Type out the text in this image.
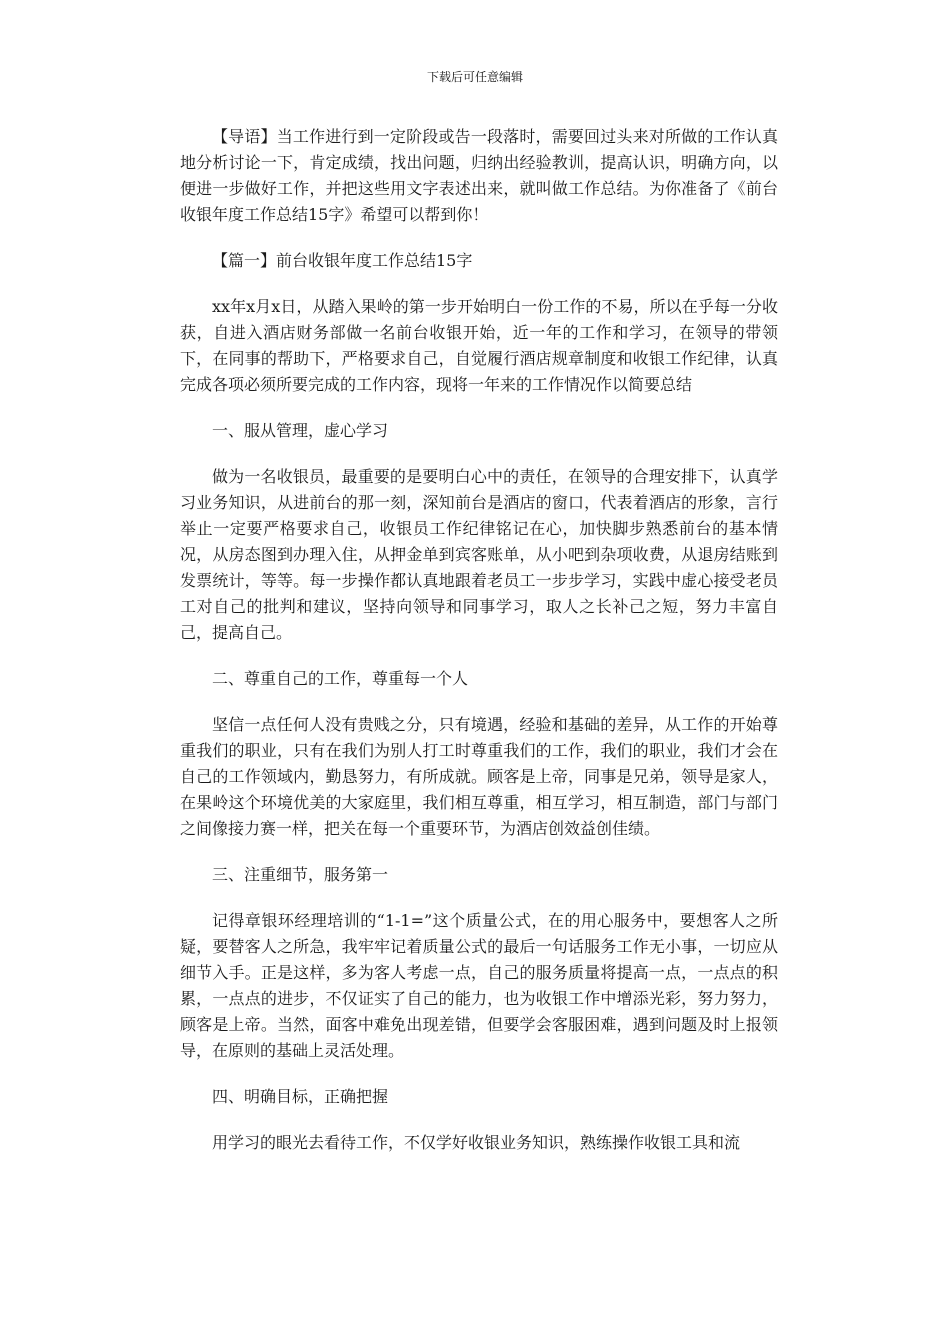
下载后可任意编辑

【导语】当工作进行到一定阶段或告一段落时，需要回过头来对所做的工作认真地分析讨论一下，肯定成绩，找出问题，归纳出经验教训，提高认识，明确方向，以便进一步做好工作，并把这些用文字表述出来，就叫做工作总结。为你准备了《前台收银年度工作总结15字》希望可以帮到你！

【篇一】前台收银年度工作总结15字

xx年x月x日，从踏入果岭的第一步开始明白一份工作的不易，所以在乎每一分收获，自进入酒店财务部做一名前台收银开始，近一年的工作和学习，在领导的带领下，在同事的帮助下，严格要求自己，自觉履行酒店规章制度和收银工作纪律，认真完成各项必须所要完成的工作内容，现将一年来的工作情况作以简要总结

一、服从管理，虚心学习

做为一名收银员，最重要的是要明白心中的责任，在领导的合理安排下，认真学习业务知识，从进前台的那一刻，深知前台是酒店的窗口，代表着酒店的形象，言行举止一定要严格要求自己，收银员工作纪律铭记在心，加快脚步熟悉前台的基本情况，从房态图到办理入住，从押金单到宾客账单，从小吧到杂项收费，从退房结账到发票统计，等等。每一步操作都认真地跟着老员工一步步学习，实践中虚心接受老员工对自己的批判和建议，坚持向领导和同事学习，取人之长补己之短，努力丰富自己，提高自己。

二、尊重自己的工作，尊重每一个人

坚信一点任何人没有贵贱之分，只有境遇，经验和基础的差异，从工作的开始尊重我们的职业，只有在我们为别人打工时尊重我们的工作，我们的职业，我们才会在自己的工作领域内，勤恳努力，有所成就。顾客是上帝，同事是兄弟，领导是家人，在果岭这个环境优美的大家庭里，我们相互尊重，相互学习，相互制造，部门与部门之间像接力赛一样，把关在每一个重要环节，为酒店创效益创佳绩。

三、注重细节，服务第一

记得章银环经理培训的“1-1=”这个质量公式，在的用心服务中，要想客人之所疑，要替客人之所急，我牢牢记着质量公式的最后一句话服务工作无小事，一切应从细节入手。正是这样，多为客人考虑一点，自己的服务质量将提高一点，一点点的积累，一点点的进步，不仅证实了自己的能力，也为收银工作中增添光彩，努力努力，顾客是上帝。当然，面客中难免出现差错，但要学会客服困难，遇到问题及时上报领导，在原则的基础上灵活处理。

四、明确目标，正确把握

用学习的眼光去看待工作，不仅学好收银业务知识，熟练操作收银工具和流
